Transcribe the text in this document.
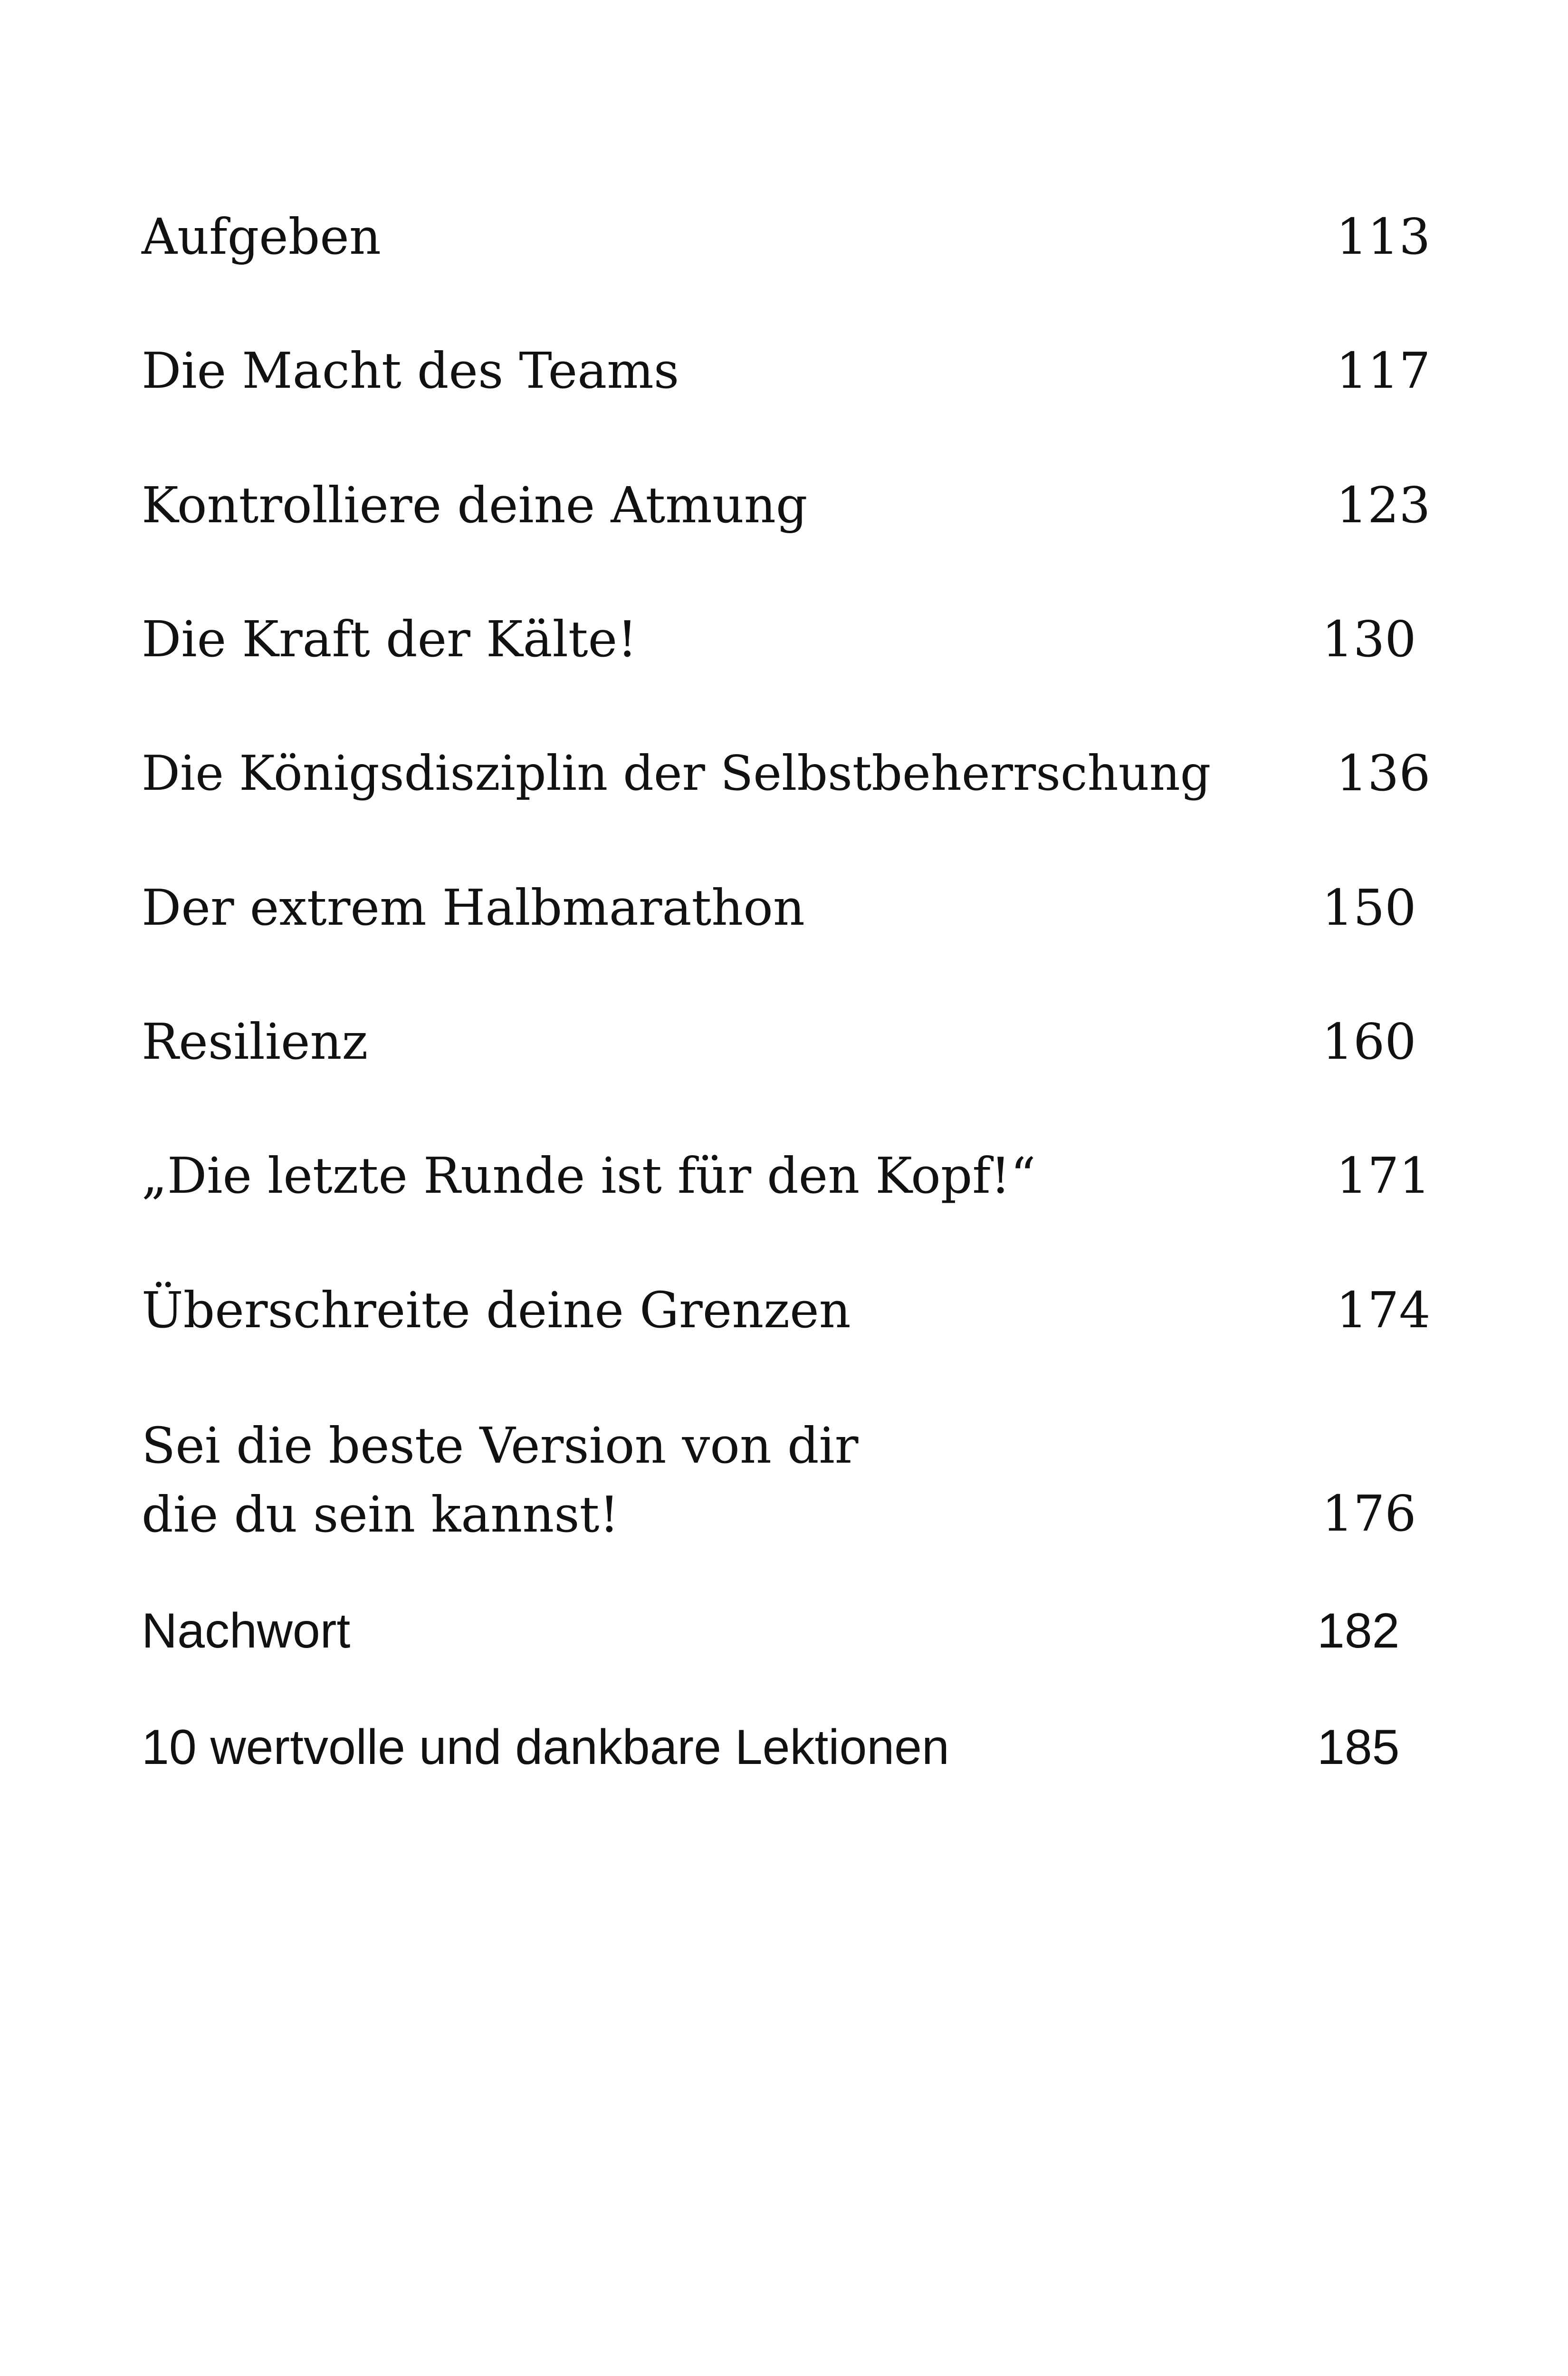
Aufgeben	113
Die Macht des Teams	117
Kontrolliere deine Atmung	123
Die Kraft der Kälte!	130
Die Königsdisziplin der Selbstbeherrschung	136
Der extrem Halbmarathon	150
Resilienz	160
„Die letzte Runde ist für den Kopf!“	171
Überschreite deine Grenzen	174
Sei die beste Version von dir
die du sein kannst!	176
Nachwort	182
10 wertvolle und dankbare Lektionen	185
